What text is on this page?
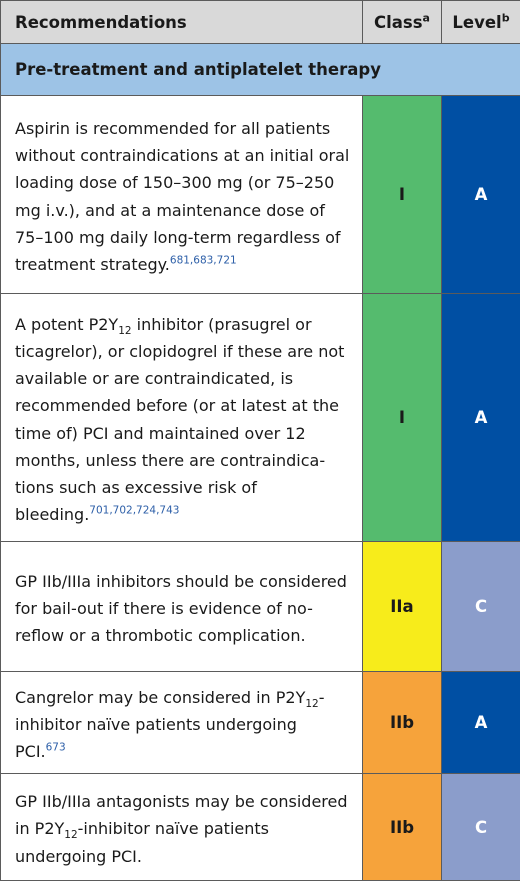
Recommendations	Class$^a$	Level$^b$
Pre-treatment and antiplatelet therapy		
Aspirin is recommended for all patients without contraindications at an initial oral loading dose of 150–300 mg (or 75–250 mg i.v.), and at a maintenance dose of 75–100 mg daily long-term regardless of treatment strategy.$^{681,683,721}$	I	A
A potent $P2Y_{12}$ inhibitor (prasugrel or ticagrelor), or clopidogrel if these are not available or are contraindicated, is recommended before (or at latest at the time of) PCI and maintained over 12 months, unless there are contraindications such as excessive risk of bleeding.$^{701,702,724,743}$	I	A
GP IIb/IIIa inhibitors should be considered for bail-out if there is evidence of no-reflow or a thrombotic complication.	IIa	C
Cangrelor may be considered in $P2Y_{12}$-inhibitor naïve patients undergoing PCI.$^{673}$	IIb	A
GP IIb/IIIa antagonists may be considered in $P2Y_{12}$-inhibitor naïve patients undergoing PCI.	IIb	C
